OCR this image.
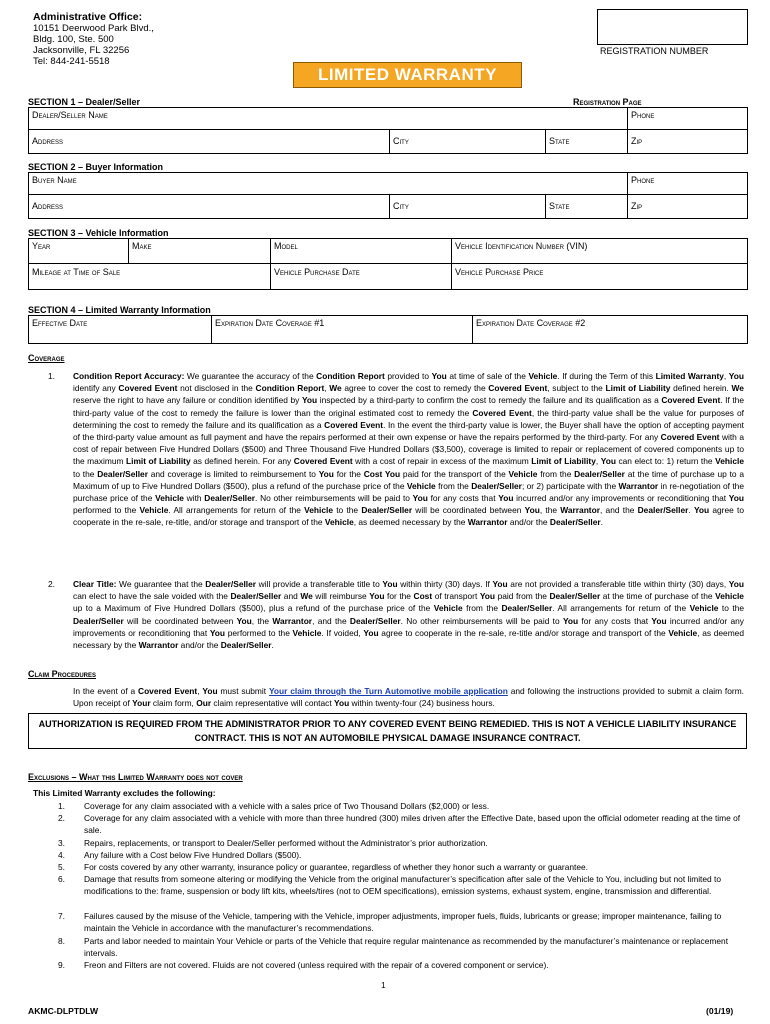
Administrative Office:
10151 Deerwood Park Blvd.,
Bldg. 100, Ste. 500
Jacksonville, FL 32256
Tel: 844-241-5518
REGISTRATION NUMBER
LIMITED WARRANTY
SECTION 1 – Dealer/Seller	Registration Page
Dealer/Seller Name	Phone
Address	City	State	Zip
SECTION 2 – Buyer Information
Buyer Name	Phone
Address	City	State	Zip
SECTION 3 – Vehicle Information
Year	Make	Model	Vehicle Identification Number (VIN)
Mileage at Time of Sale	Vehicle Purchase Date	Vehicle Purchase Price
SECTION 4 – Limited Warranty Information
Effective Date	Expiration Date Coverage #1	Expiration Date Coverage #2
Coverage
1. Condition Report Accuracy: We guarantee the accuracy of the Condition Report provided to You at time of sale of the Vehicle. If during the Term of this Limited Warranty, You identify any Covered Event not disclosed in the Condition Report, We agree to cover the cost to remedy the Covered Event, subject to the Limit of Liability defined herein. We reserve the right to have any failure or condition identified by You inspected by a third-party to confirm the cost to remedy the failure and its qualification as a Covered Event. If the third-party value of the cost to remedy the failure is lower than the original estimated cost to remedy the Covered Event, the third-party value shall be the value for purposes of determining the cost to remedy the failure and its qualification as a Covered Event. In the event the third-party value is lower, the Buyer shall have the option of accepting payment of the third-party value amount as full payment and have the repairs performed at their own expense or have the repairs performed by the third-party. For any Covered Event with a cost of repair between Five Hundred Dollars ($500) and Three Thousand Five Hundred Dollars ($3,500), coverage is limited to repair or replacement of covered components up to the maximum Limit of Liability as defined herein. For any Covered Event with a cost of repair in excess of the maximum Limit of Liability, You can elect to: 1) return the Vehicle to the Dealer/Seller and coverage is limited to reimbursement to You for the Cost You paid for the transport of the Vehicle from the Dealer/Seller at the time of purchase up to a Maximum of up to Five Hundred Dollars ($500), plus a refund of the purchase price of the Vehicle from the Dealer/Seller; or 2) participate with the Warrantor in re-negotiation of the purchase price of the Vehicle with Dealer/Seller. No other reimbursements will be paid to You for any costs that You incurred and/or any improvements or reconditioning that You performed to the Vehicle. All arrangements for return of the Vehicle to the Dealer/Seller will be coordinated between You, the Warrantor, and the Dealer/Seller. You agree to cooperate in the re-sale, re-title, and/or storage and transport of the Vehicle, as deemed necessary by the Warrantor and/or the Dealer/Seller.
2. Clear Title: We guarantee that the Dealer/Seller will provide a transferable title to You within thirty (30) days. If You are not provided a transferable title within thirty (30) days, You can elect to have the sale voided with the Dealer/Seller and We will reimburse You for the Cost of transport You paid from the Dealer/Seller at the time of purchase of the Vehicle up to a Maximum of Five Hundred Dollars ($500), plus a refund of the purchase price of the Vehicle from the Dealer/Seller. All arrangements for return of the Vehicle to the Dealer/Seller will be coordinated between You, the Warrantor, and the Dealer/Seller. No other reimbursements will be paid to You for any costs that You incurred and/or any improvements or reconditioning that You performed to the Vehicle. If voided, You agree to cooperate in the re-sale, re-title and/or storage and transport of the Vehicle, as deemed necessary by the Warrantor and/or the Dealer/Seller.
Claim Procedures
In the event of a Covered Event, You must submit Your claim through the Turn Automotive mobile application and following the instructions provided to submit a claim form. Upon receipt of Your claim form, Our claim representative will contact You within twenty-four (24) business hours.
AUTHORIZATION IS REQUIRED FROM THE ADMINISTRATOR PRIOR TO ANY COVERED EVENT BEING REMEDIED. THIS IS NOT A VEHICLE LIABILITY INSURANCE CONTRACT. THIS IS NOT AN AUTOMOBILE PHYSICAL DAMAGE INSURANCE CONTRACT.
Exclusions – What this Limited Warranty does not cover
This Limited Warranty excludes the following:
1. Coverage for any claim associated with a vehicle with a sales price of Two Thousand Dollars ($2,000) or less.
2. Coverage for any claim associated with a vehicle with more than three hundred (300) miles driven after the Effective Date, based upon the official odometer reading at the time of sale.
3. Repairs, replacements, or transport to Dealer/Seller performed without the Administrator’s prior authorization.
4. Any failure with a Cost below Five Hundred Dollars ($500).
5. For costs covered by any other warranty, insurance policy or guarantee, regardless of whether they honor such a warranty or guarantee.
6. Damage that results from someone altering or modifying the Vehicle from the original manufacturer’s specification after sale of the Vehicle to You, including but not limited to modifications to the: frame, suspension or body lift kits, wheels/tires (not to OEM specifications), emission systems, exhaust system, engine, transmission and differential.
7. Failures caused by the misuse of the Vehicle, tampering with the Vehicle, improper adjustments, improper fuels, fluids, lubricants or grease; improper maintenance, failing to maintain the Vehicle in accordance with the manufacturer’s recommendations.
8. Parts and labor needed to maintain Your Vehicle or parts of the Vehicle that require regular maintenance as recommended by the manufacturer’s maintenance or replacement intervals.
9. Freon and Filters are not covered. Fluids are not covered (unless required with the repair of a covered component or service).
1
AKMC-DLPTDLW	(01/19)
